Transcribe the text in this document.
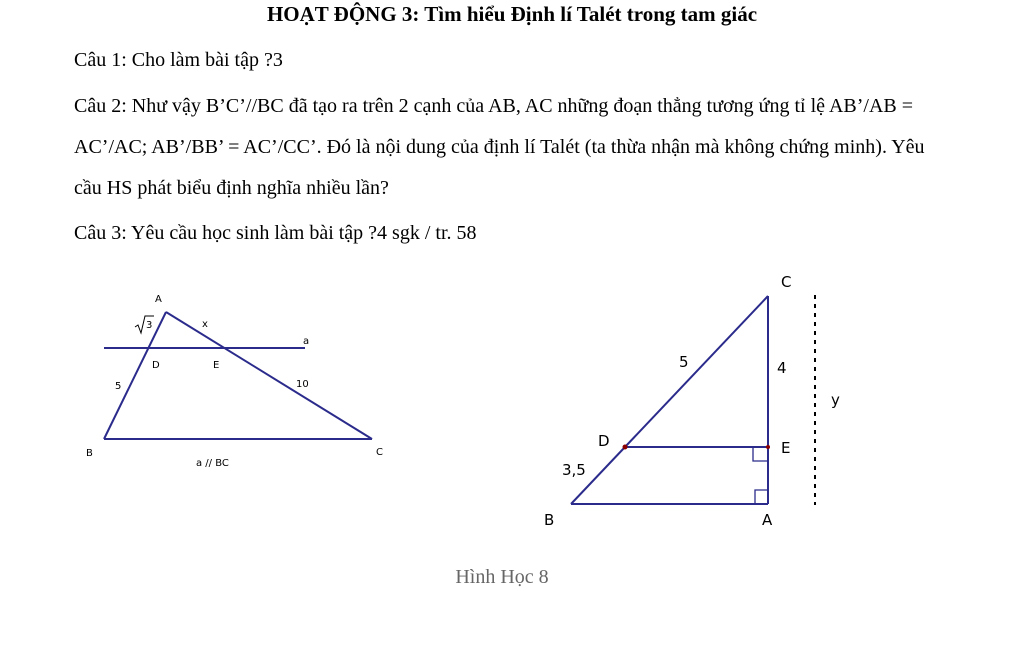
HOẠT ĐỘNG 3: Tìm hiểu Định lí Talét trong tam giác
Câu 1: Cho làm bài tập ?3
Câu 2: Như vậy B’C’//BC đã tạo ra trên 2 cạnh của AB, AC những đoạn thẳng tương ứng tỉ lệ AB’/AB = AC’/AC; AB’/BB’ = AC’/CC’. Đó là nội dung của định lí Talét (ta thừa nhận mà không chứng minh). Yêu cầu HS phát biểu định nghĩa nhiều lần?
Câu 3: Yêu cầu học sinh làm bài tập ?4 sgk / tr. 58
A
B	C
D	E
a
x
5	10
a // BC
3
C
B	A
D	E
5	4
3,5
y
Hình Học 8
